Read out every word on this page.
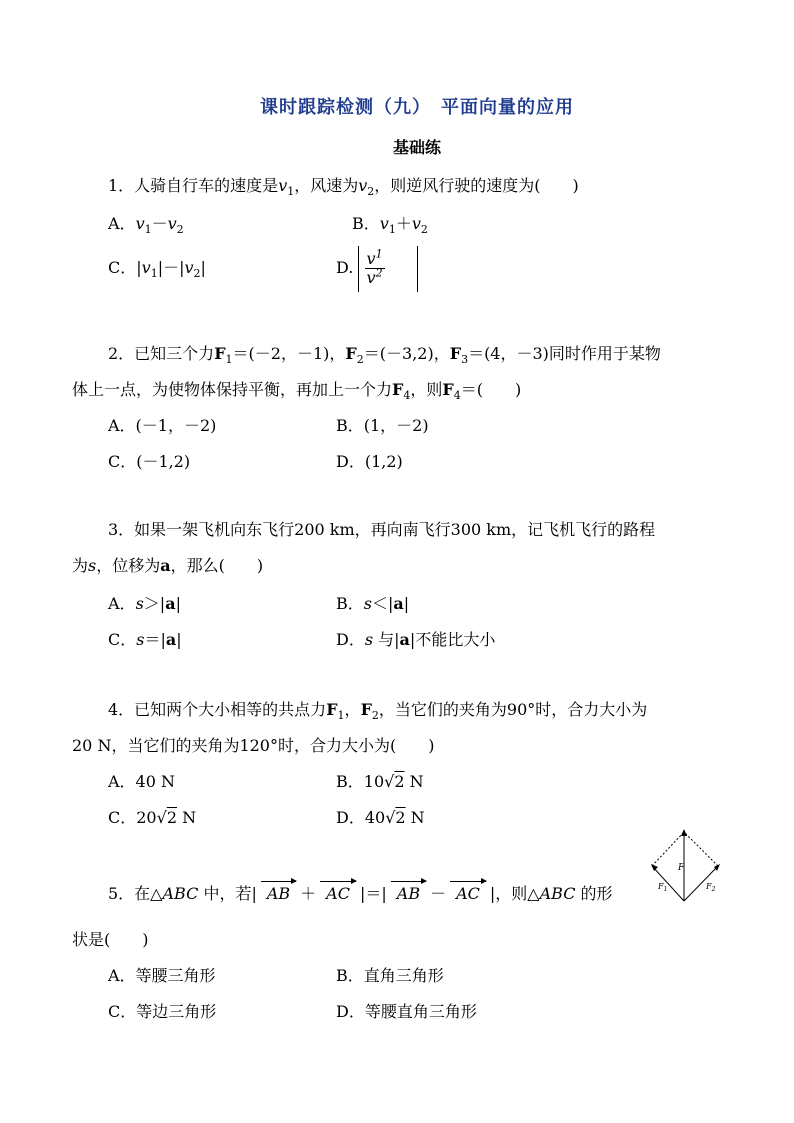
课时跟踪检测（九）　平面向量的应用
基础练
1．人骑自行车的速度是$v_1$，风速为$v_2$，则逆风行驶的速度为(　　)
A．$v_1-v_2$	B．$v_1+v_2$
C．$|v_1|-|v_2|$	D. $\frac{v^1}{v^2}$

2．已知三个力$F_1=(-2$，－1)，$F_2=(-3,2)$，$F_3=(4$，－3)同时作用于某物
体上一点，为使物体保持平衡，再加上一个力$F_4$，则$F_4=$(　　)
A．(－1，－2)	B．(1，－2)
C．(－1,2)	D．(1,2)
3．如果一架飞机向东飞行200 km，再向南飞行300 km，记飞机飞行的路程
为s，位移为a，那么(　　)
A．s＞|a|	B．s＜|a|
C．s＝|a|	D．s 与|a|不能比大小
4．已知两个大小相等的共点力$F_1$，$F_2$，当它们的夹角为90°时，合力大小为
20 N，当它们的夹角为120°时，合力大小为(　　)
A．40 N	B．10√2 N
C．20√2 N	D．40√2 N
5．在△ABC 中，若| AB ＋ AC |＝| AB － AC |，则△ABC 的形
状是(　　)
A．等腰三角形	B．直角三角形
C．等边三角形	D．等腰直角三角形
F
$F_1$	$F_2$
